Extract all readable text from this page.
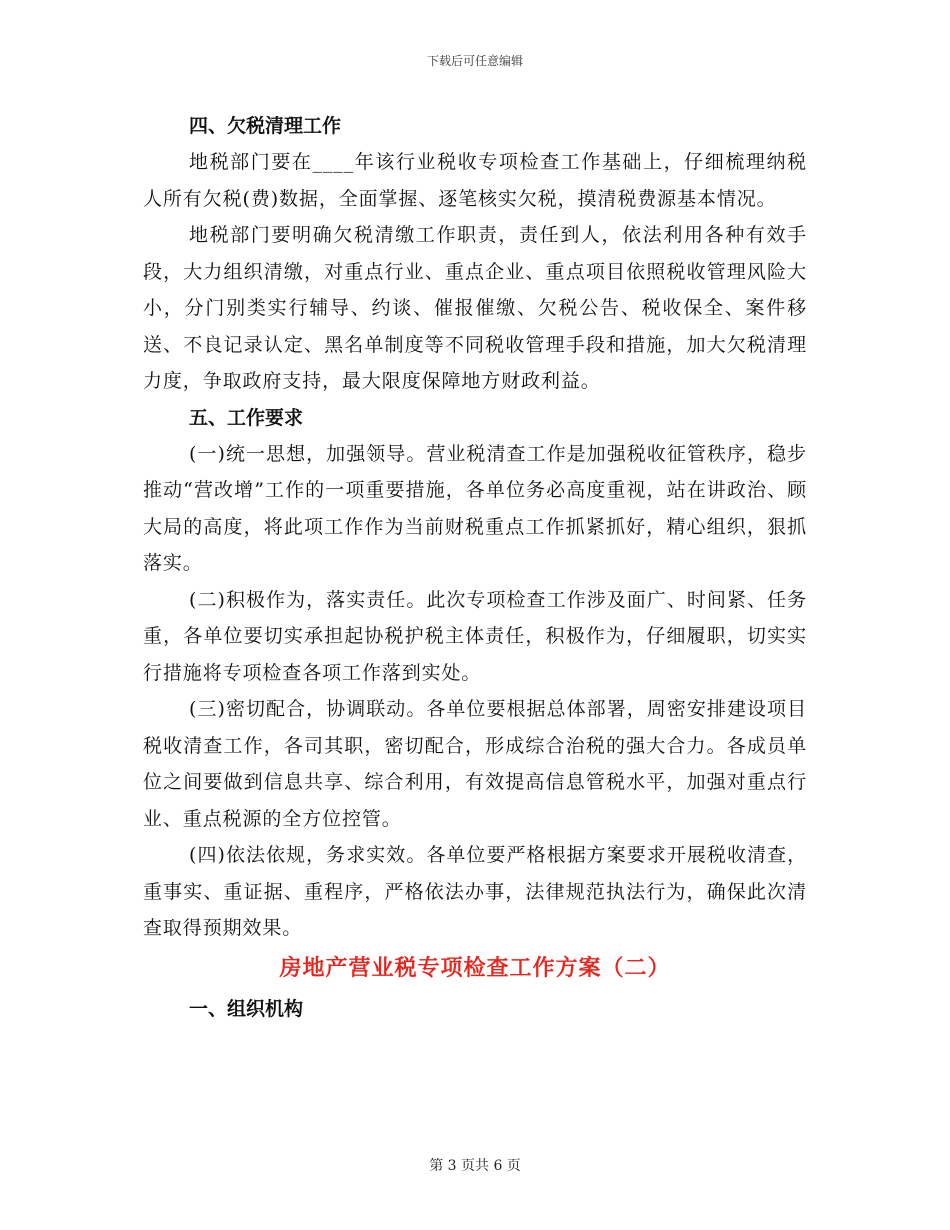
下载后可任意编辑

四、欠税清理工作

地税部门要在____年该行业税收专项检查工作基础上，仔细梳理纳税人所有欠税(费)数据，全面掌握、逐笔核实欠税，摸清税费源基本情况。

地税部门要明确欠税清缴工作职责，责任到人，依法利用各种有效手段，大力组织清缴，对重点行业、重点企业、重点项目依照税收管理风险大小，分门别类实行辅导、约谈、催报催缴、欠税公告、税收保全、案件移送、不良记录认定、黑名单制度等不同税收管理手段和措施，加大欠税清理力度，争取政府支持，最大限度保障地方财政利益。

五、工作要求

(一)统一思想，加强领导。营业税清查工作是加强税收征管秩序，稳步推动“营改增”工作的一项重要措施，各单位务必高度重视，站在讲政治、顾大局的高度，将此项工作作为当前财税重点工作抓紧抓好，精心组织，狠抓落实。

(二)积极作为，落实责任。此次专项检查工作涉及面广、时间紧、任务重，各单位要切实承担起协税护税主体责任，积极作为，仔细履职，切实实行措施将专项检查各项工作落到实处。

(三)密切配合，协调联动。各单位要根据总体部署，周密安排建设项目税收清查工作，各司其职，密切配合，形成综合治税的强大合力。各成员单位之间要做到信息共享、综合利用，有效提高信息管税水平，加强对重点行业、重点税源的全方位控管。

(四)依法依规，务求实效。各单位要严格根据方案要求开展税收清查，重事实、重证据、重程序，严格依法办事，法律规范执法行为，确保此次清查取得预期效果。

房地产营业税专项检查工作方案（二）

一、组织机构

第 3 页共 6 页
